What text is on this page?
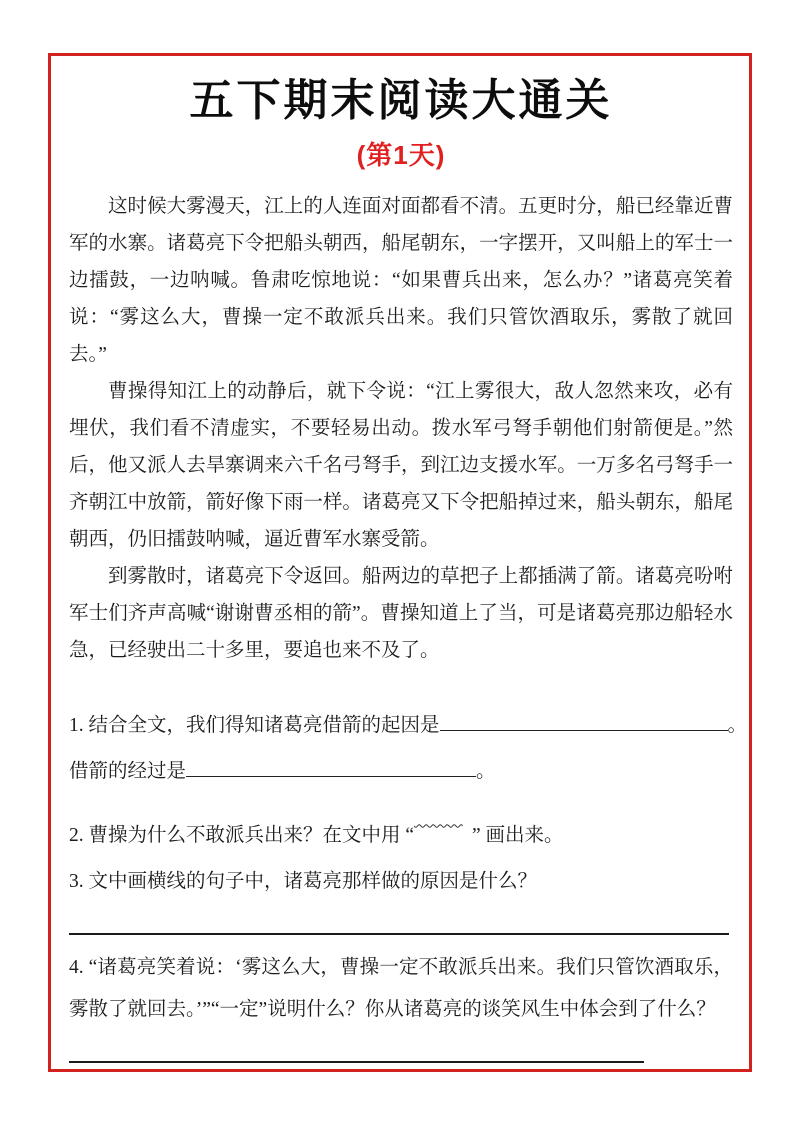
五下期末阅读大通关
(第1天)

这时候大雾漫天，江上的人连面对面都看不清。五更时分，船已经靠近曹军的水寨。诸葛亮下令把船头朝西，船尾朝东，一字摆开，又叫船上的军士一边擂鼓，一边呐喊。鲁肃吃惊地说：“如果曹兵出来，怎么办？”诸葛亮笑着说：“雾这么大，曹操一定不敢派兵出来。我们只管饮酒取乐，雾散了就回去。”

曹操得知江上的动静后，就下令说：“江上雾很大，敌人忽然来攻，必有埋伏，我们看不清虚实，不要轻易出动。拨水军弓弩手朝他们射箭便是。”然后，他又派人去旱寨调来六千名弓弩手，到江边支援水军。一万多名弓弩手一齐朝江中放箭，箭好像下雨一样。诸葛亮又下令把船掉过来，船头朝东，船尾朝西，仍旧擂鼓呐喊，逼近曹军水寨受箭。

到雾散时，诸葛亮下令返回。船两边的草把子上都插满了箭。诸葛亮吩咐军士们齐声高喊“谢谢曹丞相的箭”。曹操知道上了当，可是诸葛亮那边船轻水急，已经驶出二十多里，要追也来不及了。

1. 结合全文，我们得知诸葛亮借箭的起因是	。
借箭的经过是	。
2. 曹操为什么不敢派兵出来？在文中用 “	” 画出来。
3. 文中画横线的句子中，诸葛亮那样做的原因是什么？
4. “诸葛亮笑着说：‘雾这么大，曹操一定不敢派兵出来。我们只管饮酒取乐，雾散了就回去。’”“一定”说明什么？你从诸葛亮的谈笑风生中体会到了什么？
